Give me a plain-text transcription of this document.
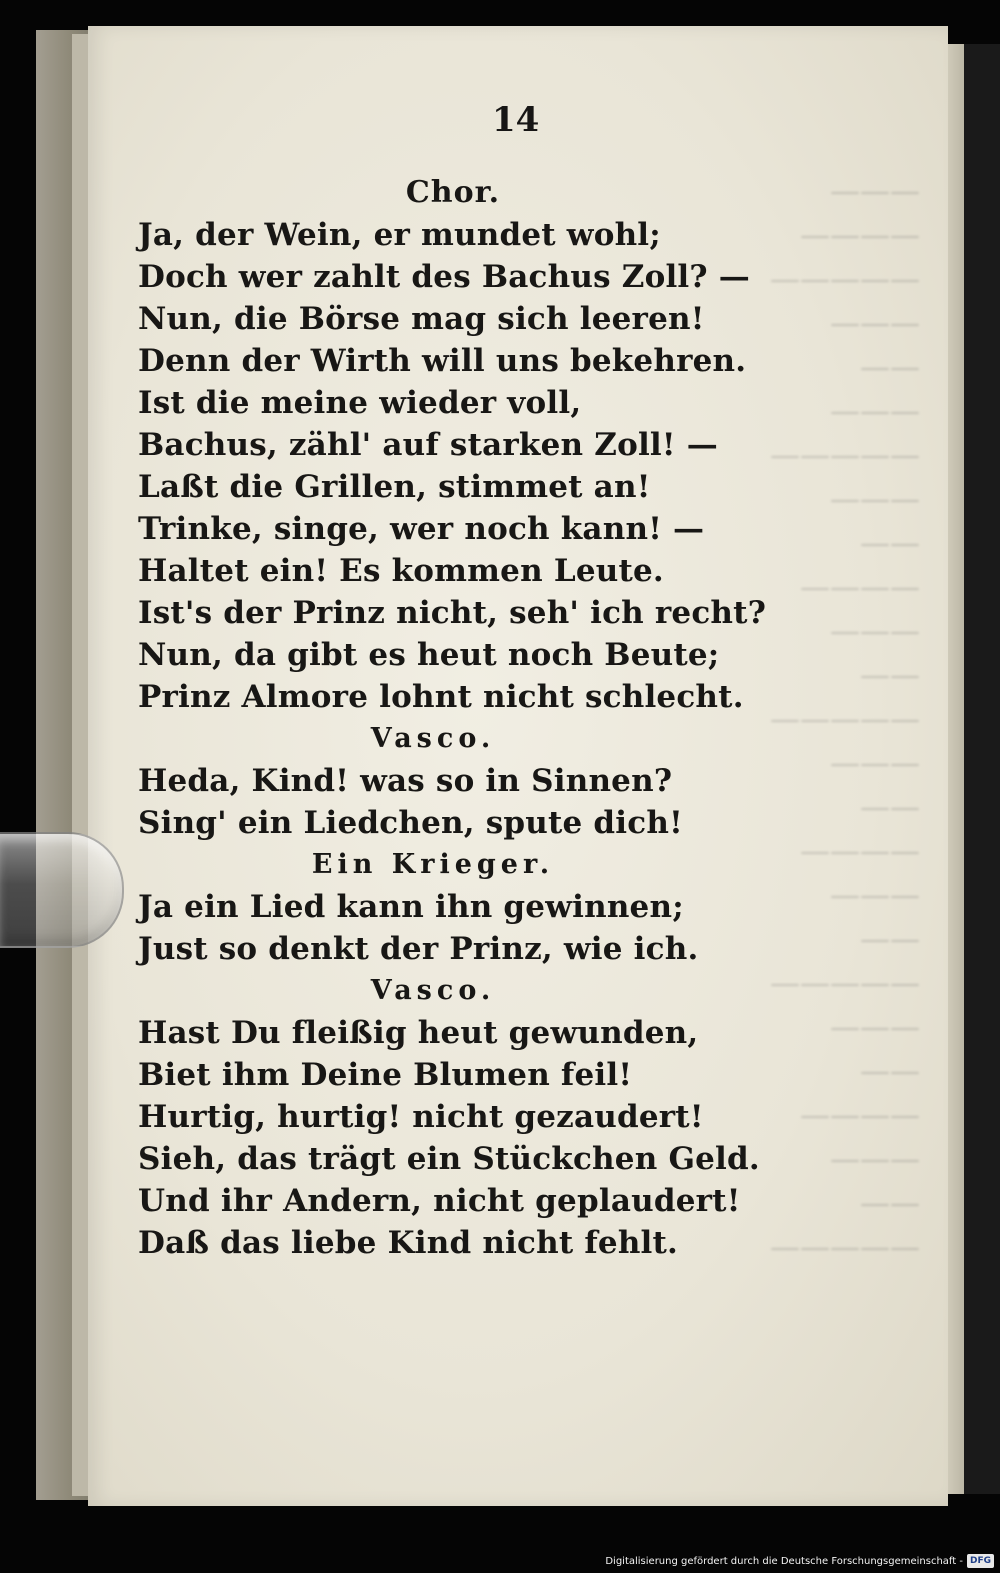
———
————
—————
———
——
———
—————
———
——
————
———
——
—————
———
——
————
———
——
—————
———
——
————
———
——
—————
14
Chor.
Ja, der Wein, er mundet wohl;
Doch wer zahlt des Bachus Zoll? —
Nun, die Börse mag sich leeren!
Denn der Wirth will uns bekehren.
Ist die meine wieder voll,
Bachus, zähl' auf starken Zoll! —
Laßt die Grillen, stimmet an!
Trinke, singe, wer noch kann! —
Haltet ein! Es kommen Leute.
Ist's der Prinz nicht, seh' ich recht?
Nun, da gibt es heut noch Beute;
Prinz Almore lohnt nicht schlecht.
Vasco.
Heda, Kind! was so in Sinnen?
Sing' ein Liedchen, spute dich!
Ein Krieger.
Ja ein Lied kann ihn gewinnen;
Just so denkt der Prinz, wie ich.
Vasco.
Hast Du fleißig heut gewunden,
Biet ihm Deine Blumen feil!
Hurtig, hurtig! nicht gezaudert!
Sieh, das trägt ein Stückchen Geld.
Und ihr Andern, nicht geplaudert!
Daß das liebe Kind nicht fehlt.
Digitalisierung gefördert durch die Deutsche Forschungsgemeinschaft - DFG
